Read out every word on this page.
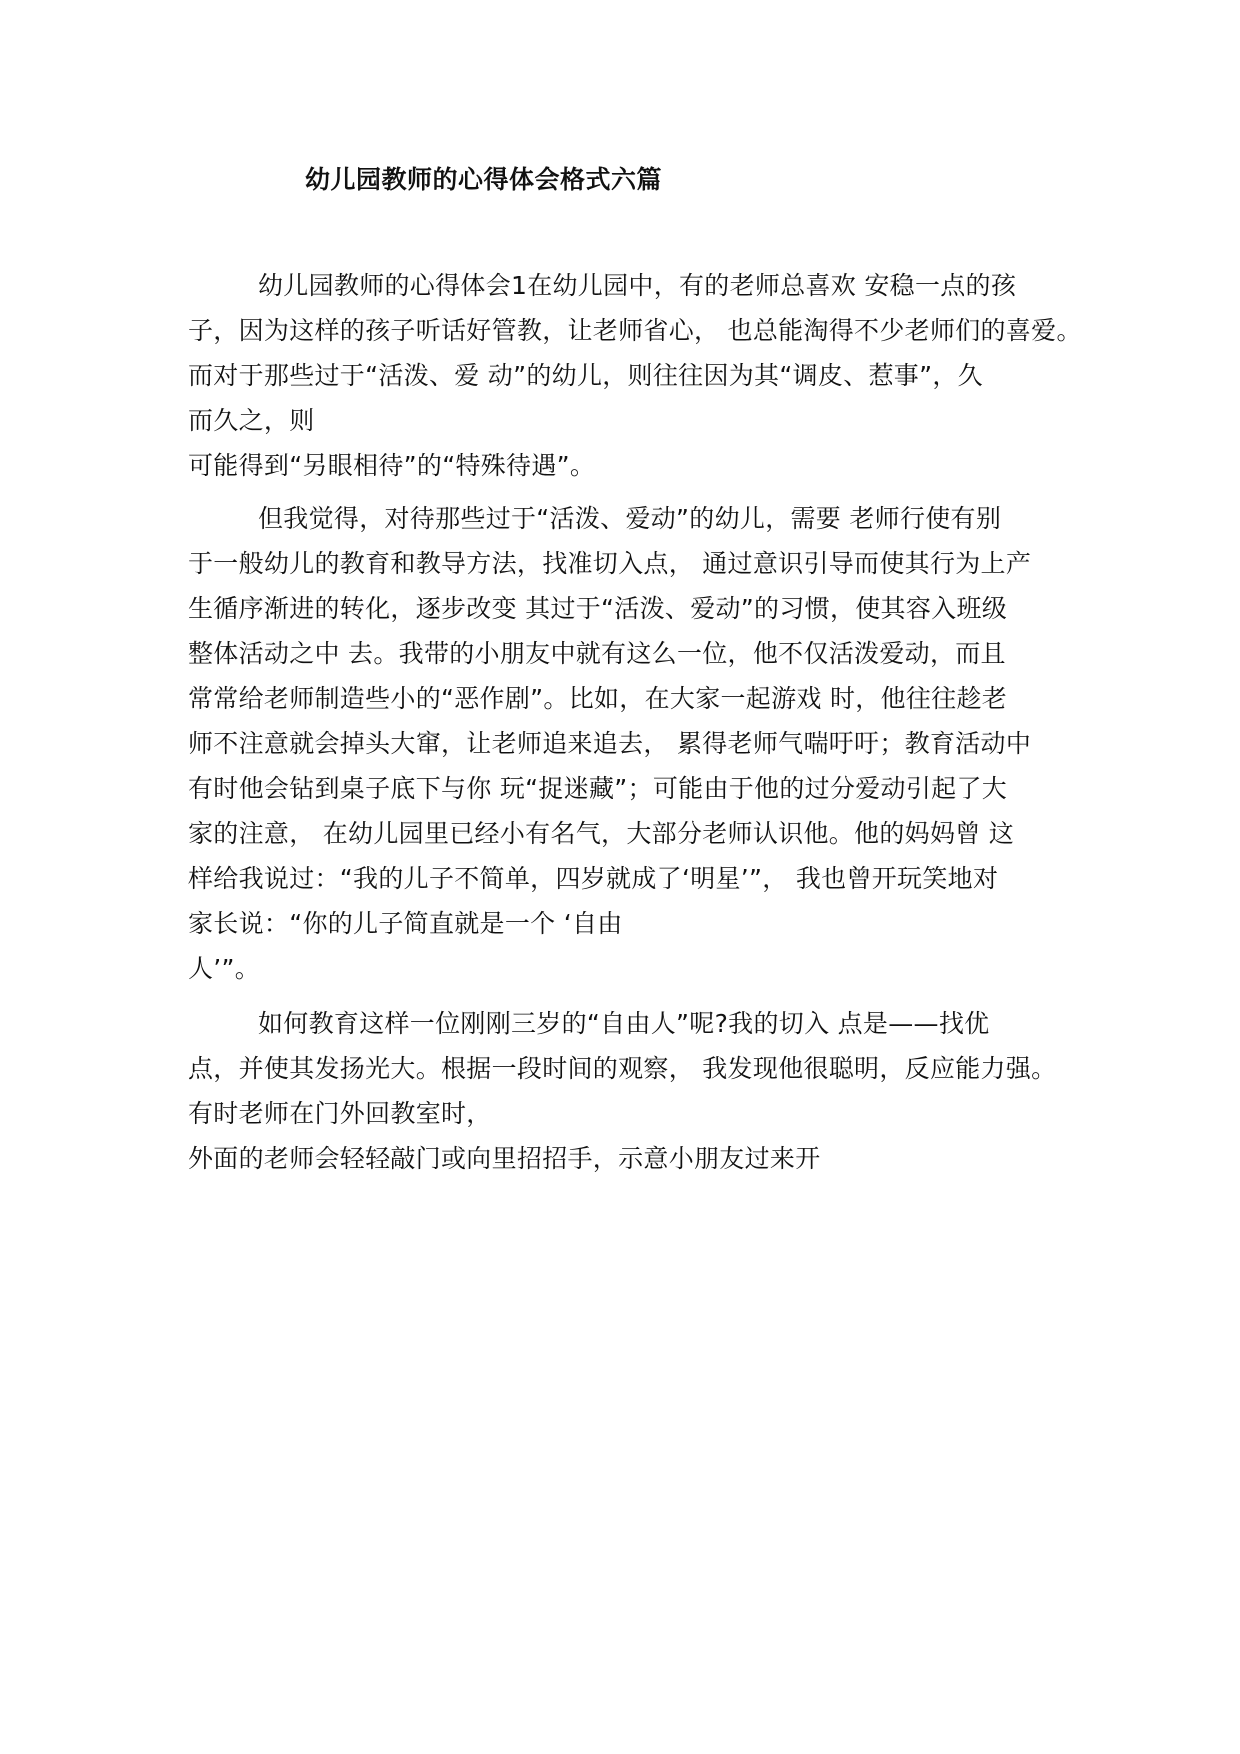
幼儿园教师的心得体会格式六篇
幼儿园教师的心得体会1在幼儿园中，有的老师总喜欢 安稳一点的孩
子，因为这样的孩子听话好管教，让老师省心， 也总能淘得不少老师们的喜爱。
而对于那些过于“活泼、爱 动”的幼儿，则往往因为其“调皮、惹事”，久
而久之，则
可能得到“另眼相待”的“特殊待遇”。
但我觉得，对待那些过于“活泼、爱动”的幼儿，需要 老师行使有别
于一般幼儿的教育和教导方法，找准切入点， 通过意识引导而使其行为上产
生循序渐进的转化，逐步改变 其过于“活泼、爱动”的习惯，使其容入班级
整体活动之中 去。我带的小朋友中就有这么一位，他不仅活泼爱动，而且
常常给老师制造些小的“恶作剧”。比如，在大家一起游戏 时，他往往趁老
师不注意就会掉头大窜，让老师追来追去， 累得老师气喘吁吁；教育活动中
有时他会钻到桌子底下与你 玩“捉迷藏”；可能由于他的过分爱动引起了大
家的注意， 在幼儿园里已经小有名气，大部分老师认识他。他的妈妈曾 这
样给我说过：“我的儿子不简单，四岁就成了‘明星’”， 我也曾开玩笑地对
家长说：“你的儿子简直就是一个 ‘自由
人’”。
如何教育这样一位刚刚三岁的“自由人”呢?我的切入 点是——找优
点，并使其发扬光大。根据一段时间的观察， 我发现他很聪明，反应能力强。
有时老师在门外回教室时，
外面的老师会轻轻敲门或向里招招手，示意小朋友过来开
